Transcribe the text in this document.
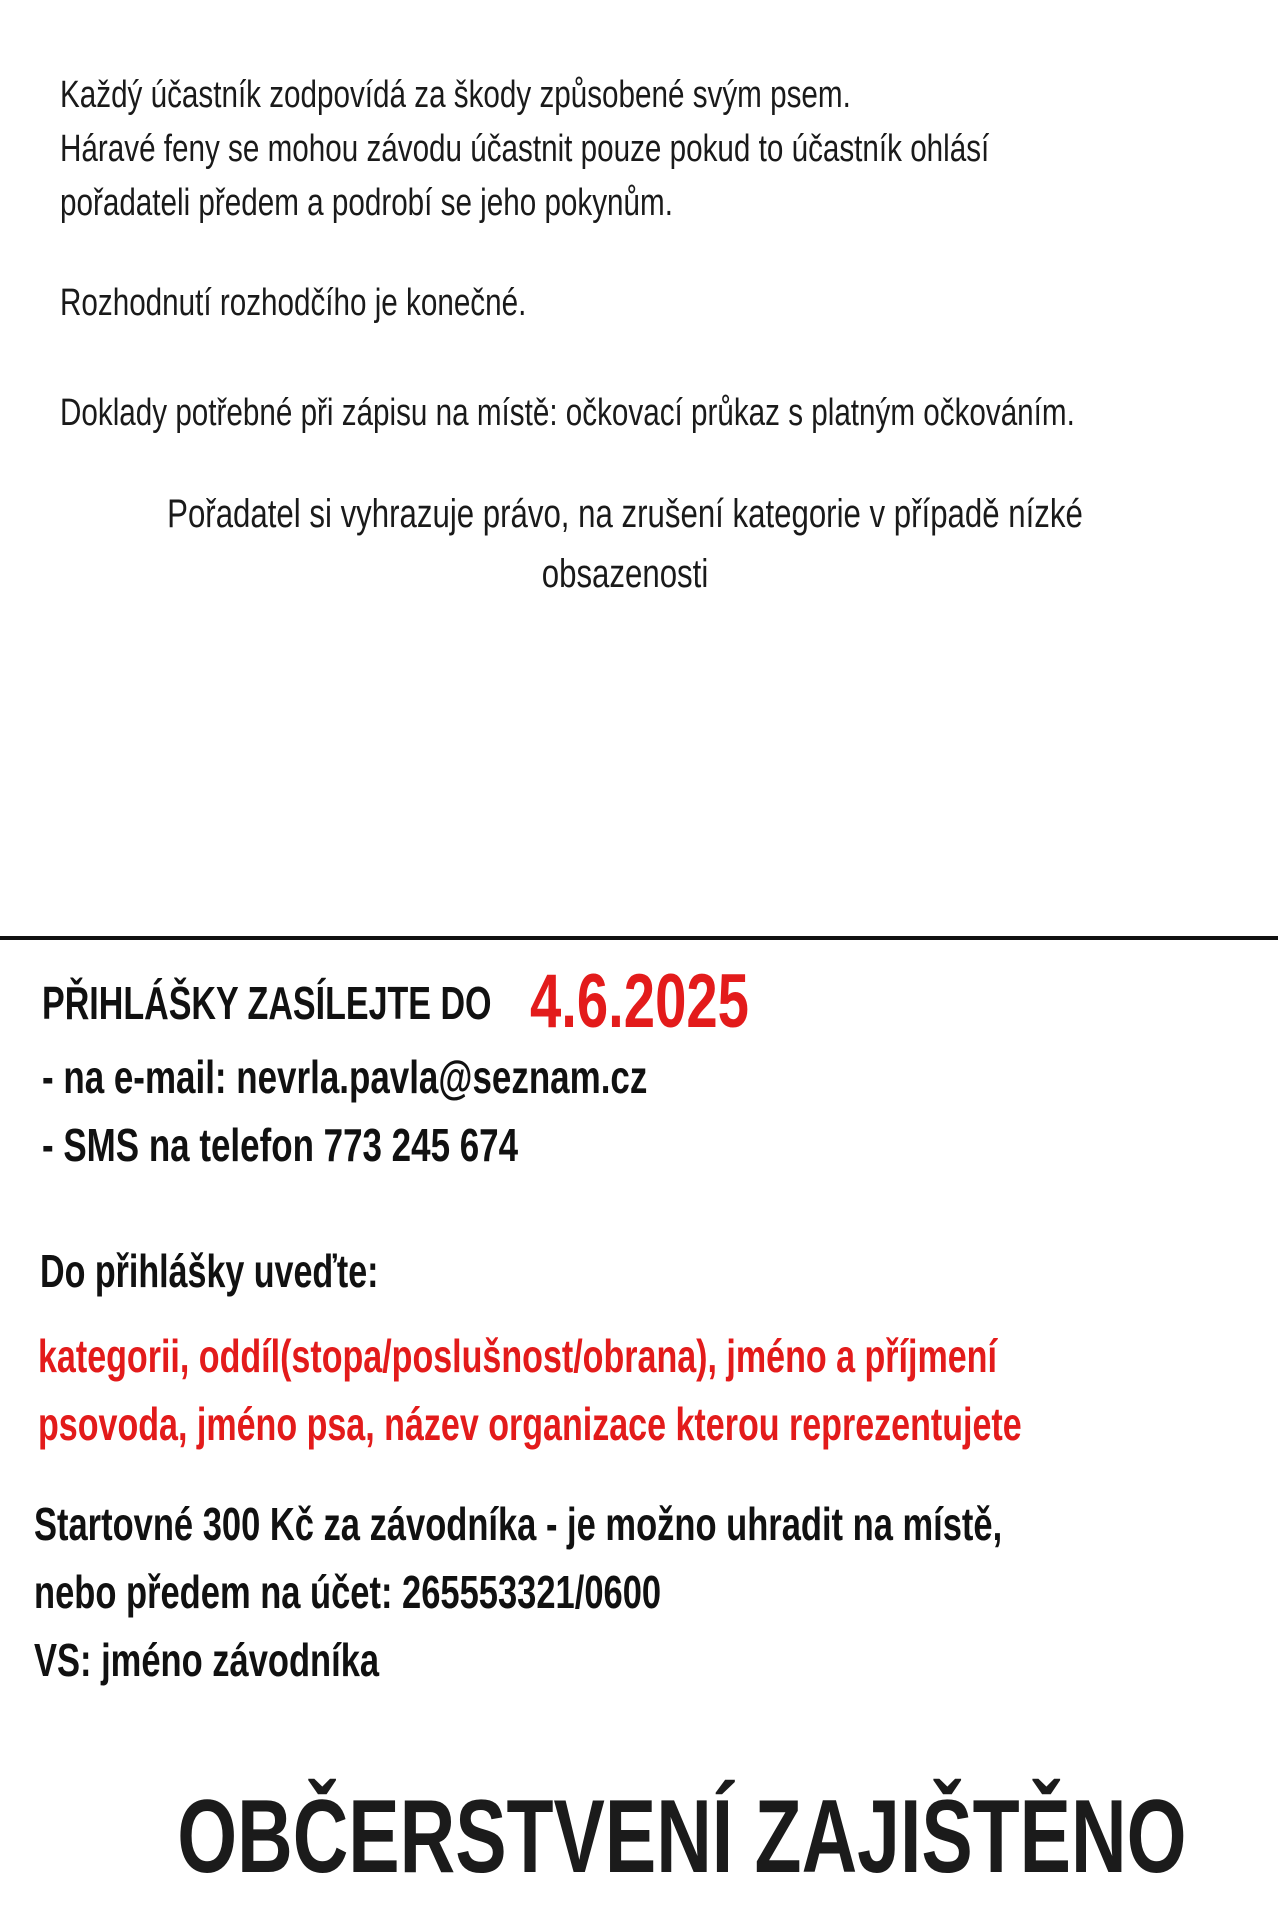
Každý účastník zodpovídá za škody způsobené svým psem.
Háravé feny se mohou závodu účastnit pouze pokud to účastník ohlásí
pořadateli předem a podrobí se jeho pokynům.
Rozhodnutí rozhodčího je konečné.
Doklady potřebné při zápisu na místě: očkovací průkaz s platným očkováním.
Pořadatel si vyhrazuje právo, na zrušení kategorie v případě nízké
obsazenosti
PŘIHLÁŠKY ZASÍLEJTE DO 4.6.2025
- na e-mail: nevrla.pavla@seznam.cz
- SMS na telefon 773 245 674
Do přihlášky uveďte:
kategorii, oddíl(stopa/poslušnost/obrana), jméno a příjmení
psovoda, jméno psa, název organizace kterou reprezentujete
Startovné 300 Kč za závodníka - je možno uhradit na místě,
nebo předem na účet: 265553321/0600
VS: jméno závodníka
OBČERSTVENÍ ZAJIŠTĚNO
